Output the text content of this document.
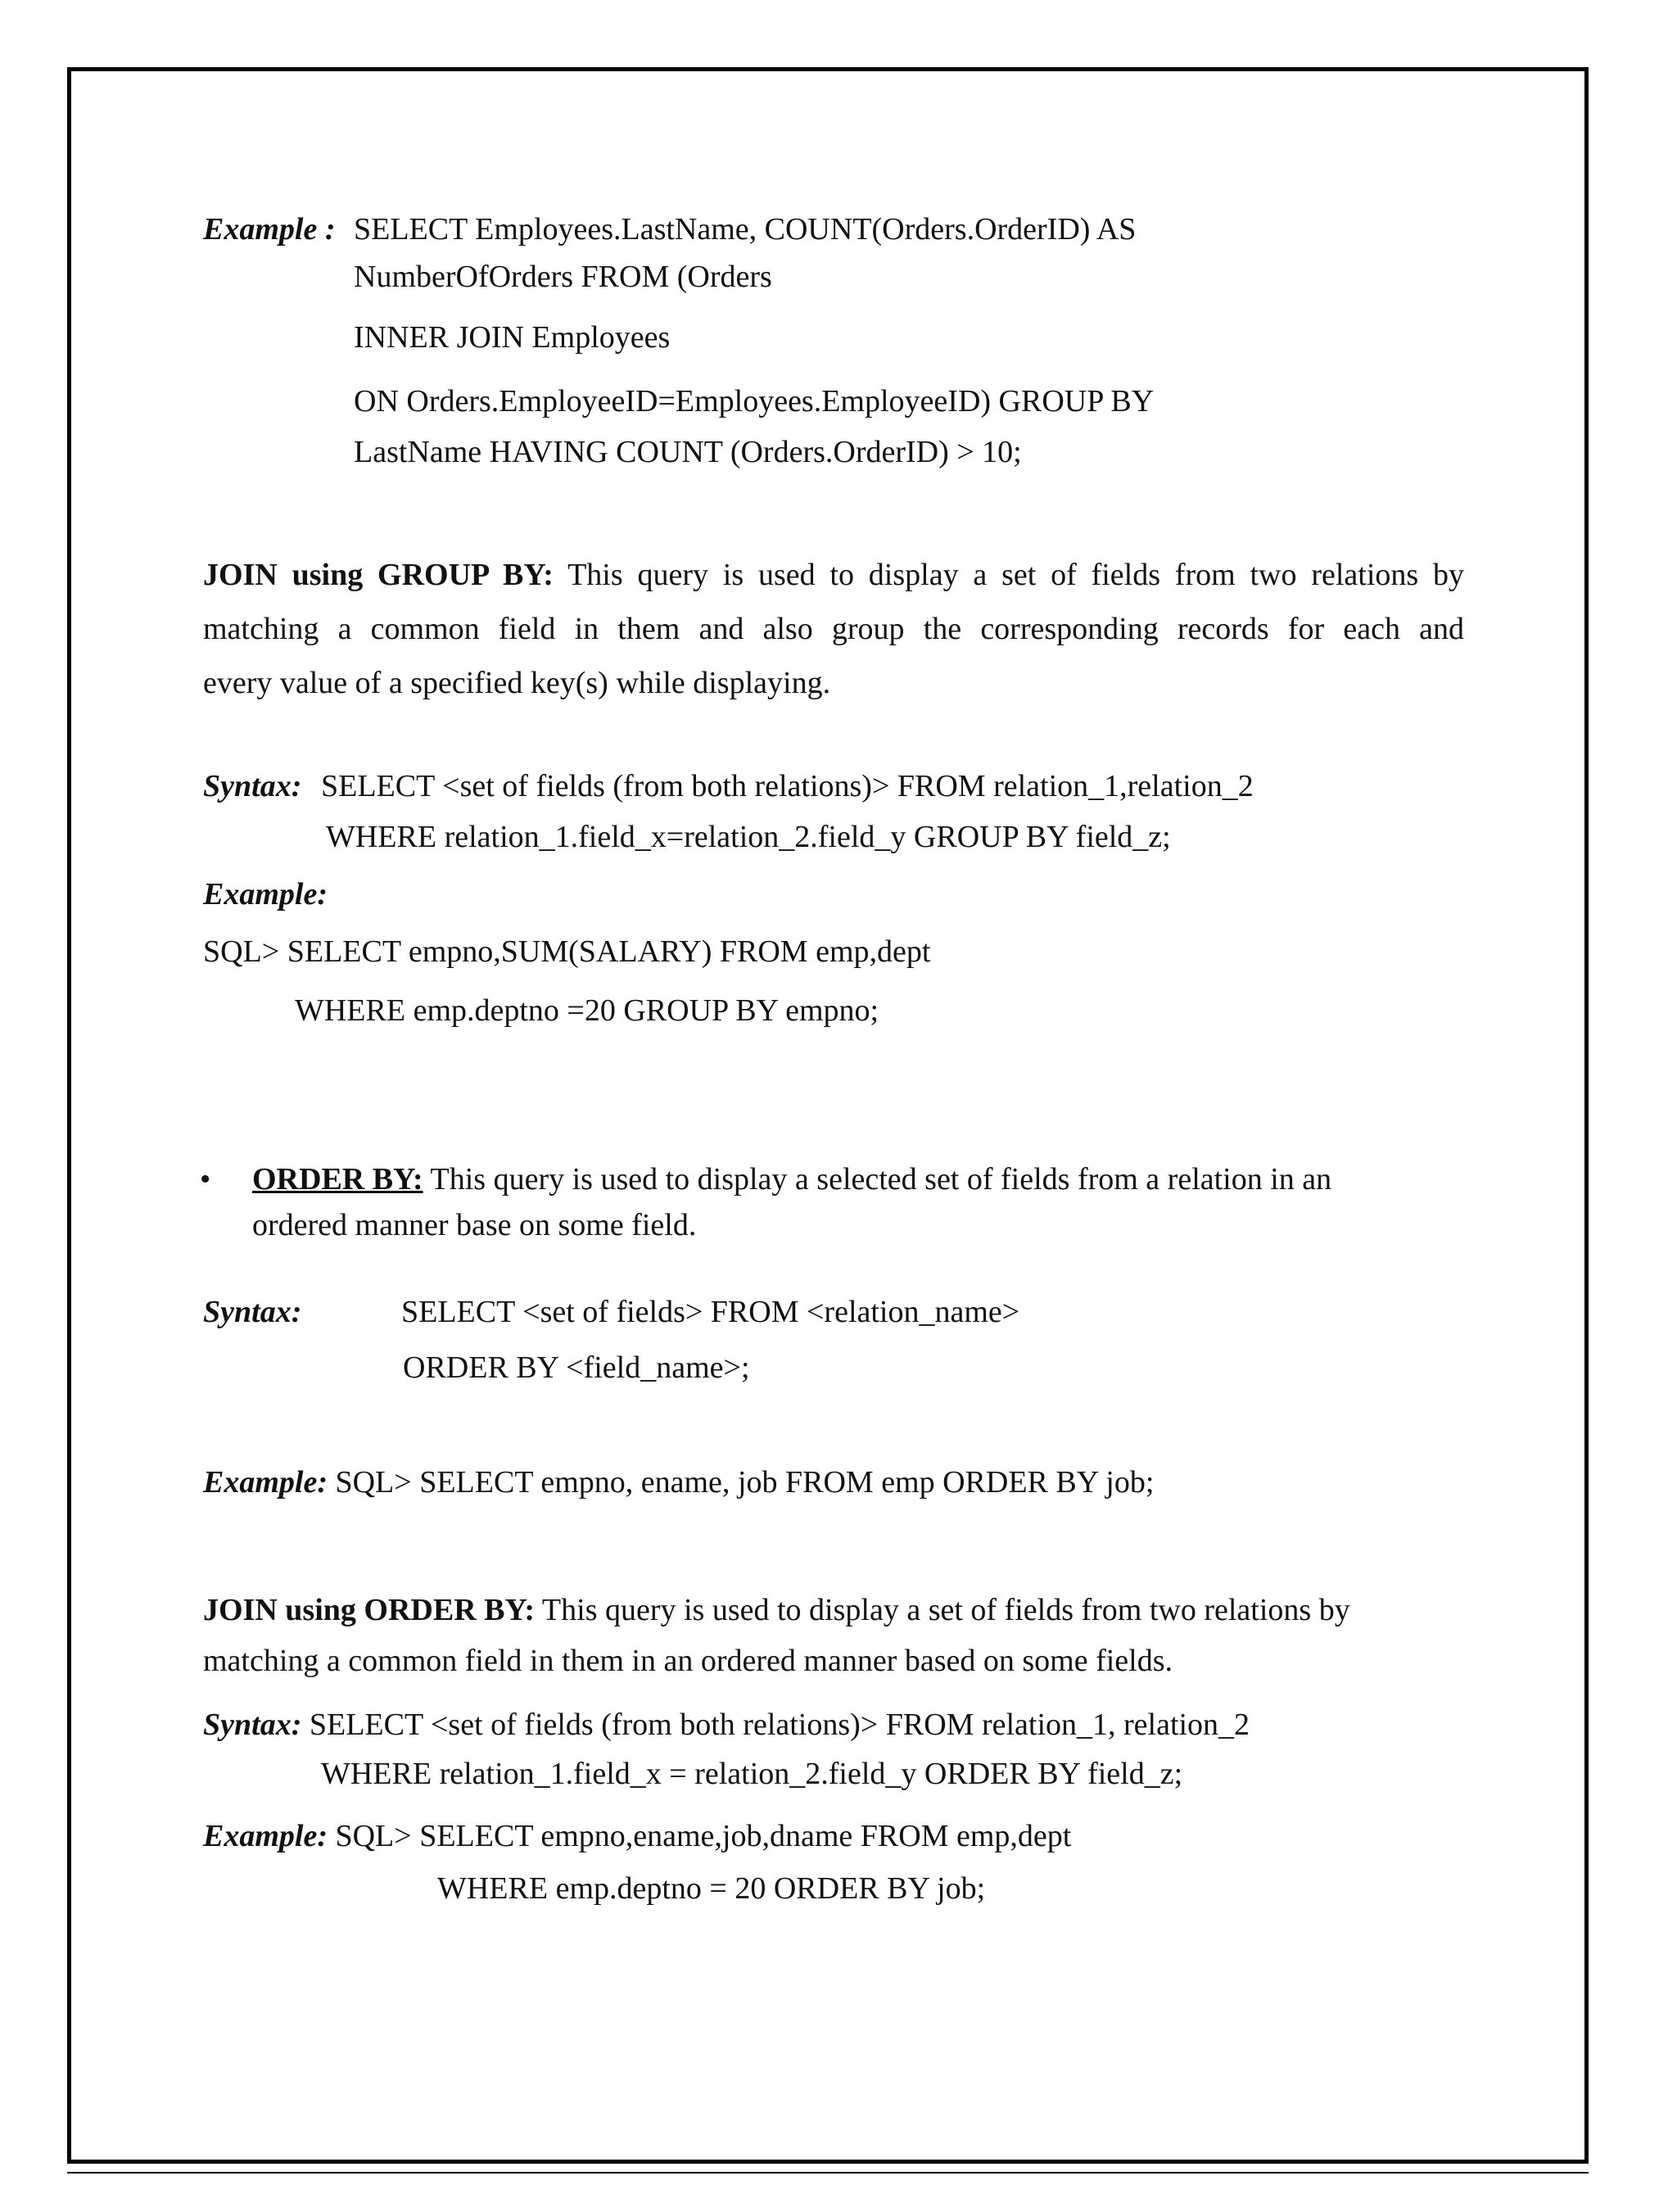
Example : SELECT Employees.LastName, COUNT(Orders.OrderID) AS
NumberOfOrders FROM (Orders
INNER JOIN Employees
ON Orders.EmployeeID=Employees.EmployeeID) GROUP BY
LastName HAVING COUNT (Orders.OrderID) > 10;
JOIN using GROUP BY: This query is used to display a set of fields from two relations by
matching a common field in them and also group the corresponding records for each and
every value of a specified key(s) while displaying.
Syntax: SELECT <set of fields (from both relations)> FROM relation_1,relation_2
WHERE relation_1.field_x=relation_2.field_y GROUP BY field_z;
Example:
SQL> SELECT empno,SUM(SALARY) FROM emp,dept
WHERE emp.deptno =20 GROUP BY empno;
• ORDER BY: This query is used to display a selected set of fields from a relation in an
ordered manner base on some field.
Syntax:	SELECT <set of fields> FROM <relation_name>
ORDER BY <field_name>;
Example: SQL> SELECT empno, ename, job FROM emp ORDER BY job;
JOIN using ORDER BY: This query is used to display a set of fields from two relations by
matching a common field in them in an ordered manner based on some fields.
Syntax: SELECT <set of fields (from both relations)> FROM relation_1, relation_2
WHERE relation_1.field_x = relation_2.field_y ORDER BY field_z;
Example: SQL> SELECT empno,ename,job,dname FROM emp,dept
WHERE emp.deptno = 20 ORDER BY job;
